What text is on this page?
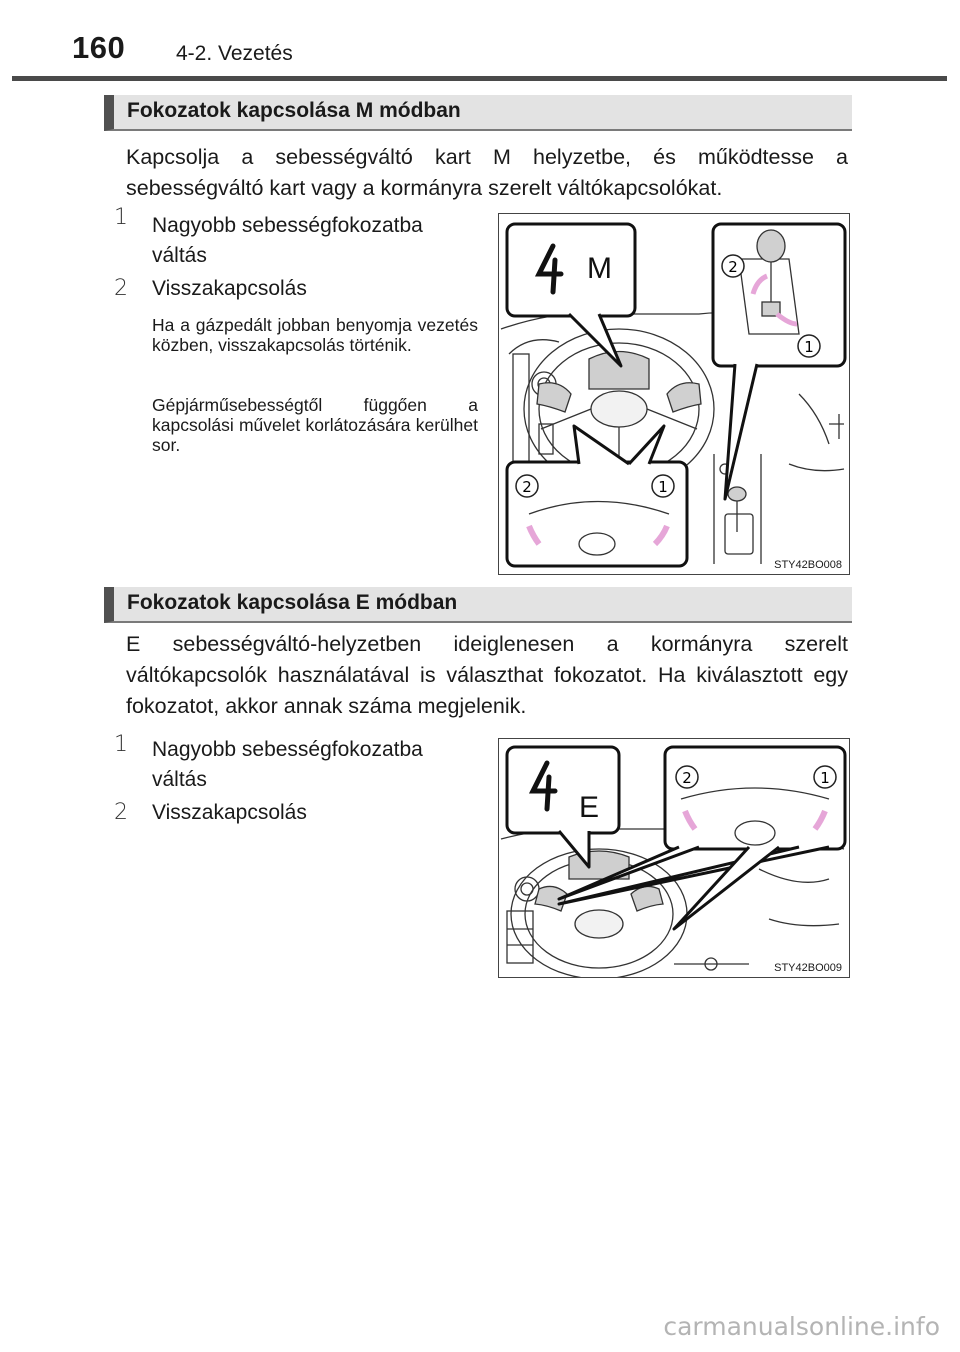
160 4-2. Vezetés
Fokozatok kapcsolása M módban

Kapcsolja a sebességváltó kart M helyzetbe, és működtesse a sebességváltó kart vagy a kormányra szerelt váltókapcsolókat.

1	Nagyobb sebességfokozatba váltás

2	Visszakapcsolás

Ha a gázpedált jobban benyomja vezetés közben, visszakapcsolás történik.

Gépjárműsebességtől függően a kapcsolási művelet korlátozására kerülhet sor.

M	2
1
2	1
STY42BO008
Fokozatok kapcsolása E módban

E sebességváltó-helyzetben ideiglenesen a kormányra szerelt váltókapcsolók használatával is választhat fokozatot. Ha kiválasztott egy fokozatot, akkor annak száma megjelenik.

1	Nagyobb sebességfokozatba váltás

2	Visszakapcsolás	E
2	1
STY42BO009
carmanualsonline.info
